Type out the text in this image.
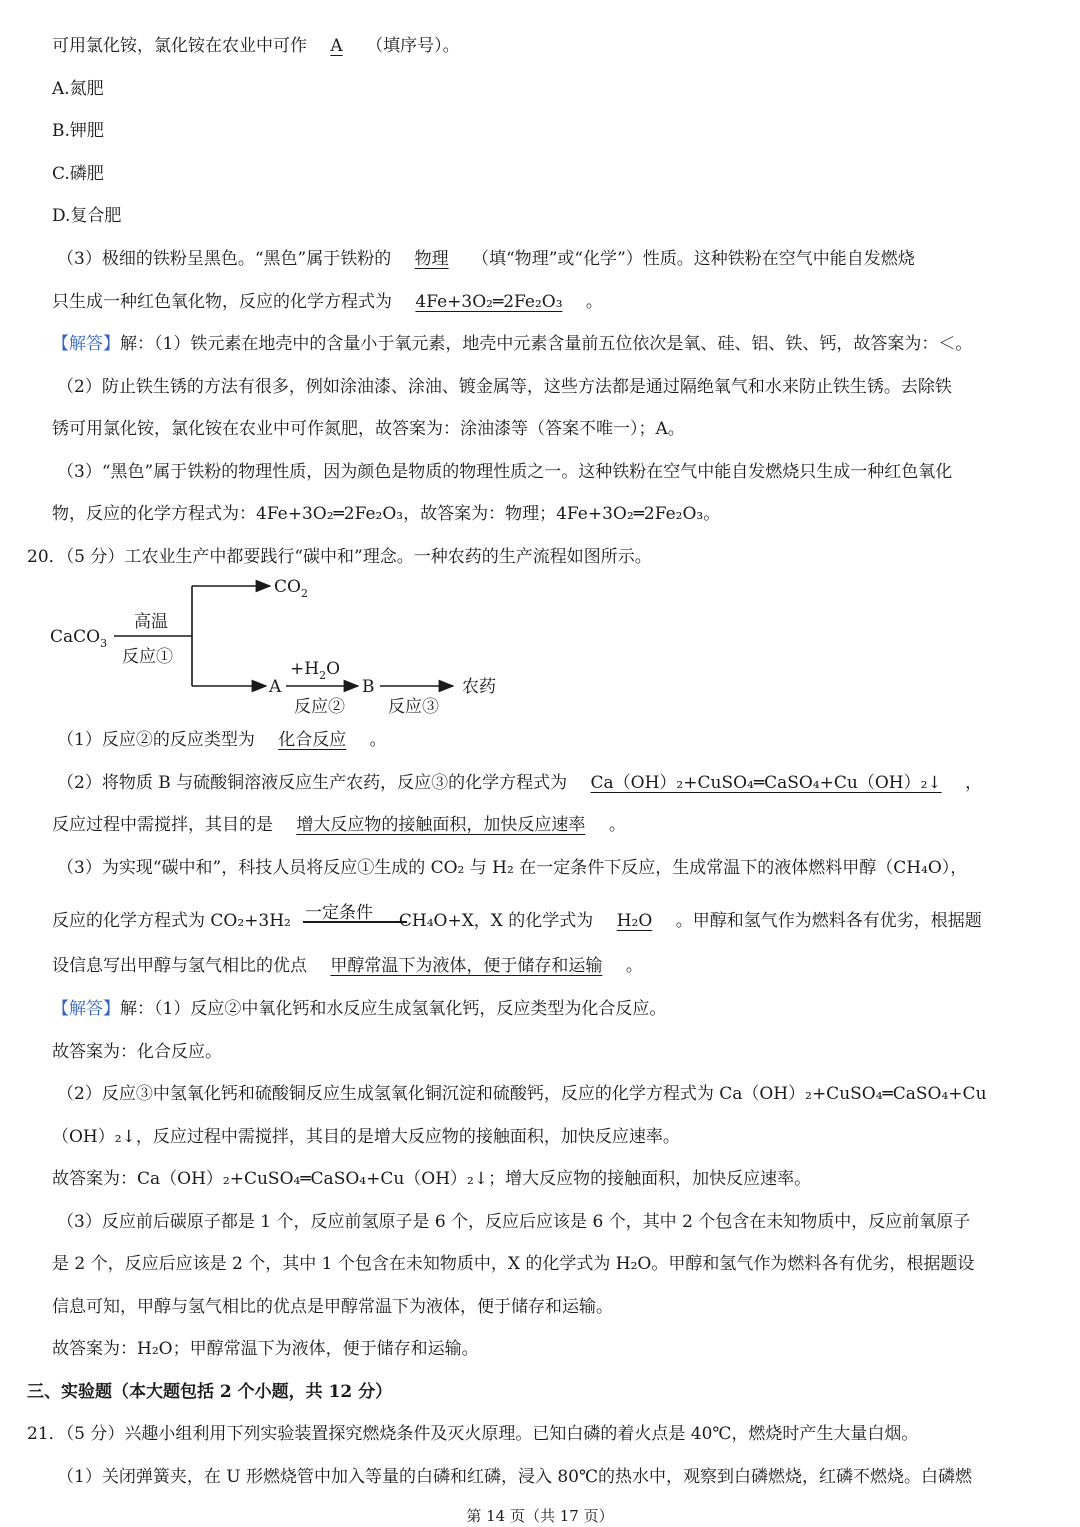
可用氯化铵，氯化铵在农业中可作 A （填序号）。
A.氮肥
B.钾肥
C.磷肥
D.复合肥
（3）极细的铁粉呈黑色。“黑色”属于铁粉的 物理 （填“物理”或“化学”）性质。这种铁粉在空气中能自发燃烧
只生成一种红色氧化物，反应的化学方程式为 4Fe+3O₂═2Fe₂O₃ 。
【解答】解：（1）铁元素在地壳中的含量小于氧元素，地壳中元素含量前五位依次是氧、硅、铝、铁、钙，故答案为：＜。
（2）防止铁生锈的方法有很多，例如涂油漆、涂油、镀金属等，这些方法都是通过隔绝氧气和水来防止铁生锈。去除铁
锈可用氯化铵，氯化铵在农业中可作氮肥，故答案为：涂油漆等（答案不唯一）；A。
（3）“黑色”属于铁粉的物理性质，因为颜色是物质的物理性质之一。这种铁粉在空气中能自发燃烧只生成一种红色氧化
物，反应的化学方程式为：4Fe+3O₂═2Fe₂O₃，故答案为：物理；4Fe+3O₂═2Fe₂O₃。
20．（5 分）工农业生产中都要践行“碳中和”理念。一种农药的生产流程如图所示。
CaCO$_3$
高温
反应①
$CO_2$
A
$+H_2O$
反应②
B
反应③
农药
（1）反应②的反应类型为 化合反应 。
（2）将物质 B 与硫酸铜溶液反应生产农药，反应③的化学方程式为 Ca（OH）₂+CuSO₄═CaSO₄+Cu（OH）₂↓ ，
反应过程中需搅拌，其目的是 增大反应物的接触面积，加快反应速率 。
（3）为实现“碳中和”，科技人员将反应①生成的 CO₂ 与 H₂ 在一定条件下反应，生成常温下的液体燃料甲醇（CH₄O），
一定条件
反应的化学方程式为 CO₂+3H₂	CH₄O+X，X 的化学式为 H₂O 。甲醇和氢气作为燃料各有优劣，根据题
设信息写出甲醇与氢气相比的优点 甲醇常温下为液体，便于储存和运输 。
【解答】解：（1）反应②中氧化钙和水反应生成氢氧化钙，反应类型为化合反应。
故答案为：化合反应。
（2）反应③中氢氧化钙和硫酸铜反应生成氢氧化铜沉淀和硫酸钙，反应的化学方程式为 Ca（OH）₂+CuSO₄═CaSO₄+Cu
（OH）₂↓，反应过程中需搅拌，其目的是增大反应物的接触面积，加快反应速率。
故答案为：Ca（OH）₂+CuSO₄═CaSO₄+Cu（OH）₂↓；增大反应物的接触面积，加快反应速率。
（3）反应前后碳原子都是 1 个，反应前氢原子是 6 个，反应后应该是 6 个，其中 2 个包含在未知物质中，反应前氧原子
是 2 个，反应后应该是 2 个，其中 1 个包含在未知物质中，X 的化学式为 H₂O。甲醇和氢气作为燃料各有优劣，根据题设
信息可知，甲醇与氢气相比的优点是甲醇常温下为液体，便于储存和运输。
故答案为：H₂O；甲醇常温下为液体，便于储存和运输。
三、实验题（本大题包括 2 个小题，共 12 分）
21．（5 分）兴趣小组利用下列实验装置探究燃烧条件及灭火原理。已知白磷的着火点是 40℃，燃烧时产生大量白烟。
（1）关闭弹簧夹，在 U 形燃烧管中加入等量的白磷和红磷，浸入 80℃的热水中，观察到白磷燃烧，红磷不燃烧。白磷燃
第 14 页（共 17 页）
